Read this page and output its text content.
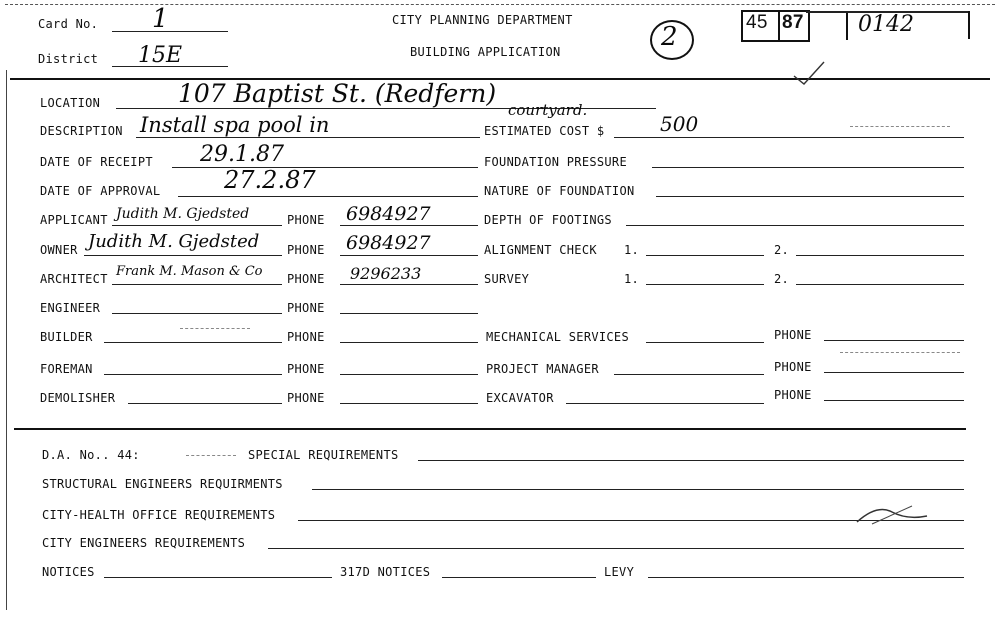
Card No. 1
District 15E
CITY PLANNING DEPARTMENT
BUILDING APPLICATION	2	45 87 0142
LOCATION	107 Baptist St. (Redfern)
DESCRIPTION Install spa pool in
courtyard.
ESTIMATED COST $	500
DATE OF RECEIPT 29.1.87	FOUNDATION PRESSURE
DATE OF APPROVAL	27.2.87	NATURE OF FOUNDATION
APPLICANT Judith M. Gjedsted	PHONE 6984927	DEPTH OF FOOTINGS
OWNER Judith M. Gjedsted PHONE 6984927	ALIGNMENT CHECK 1.	2.
ARCHITECT Frank M. Mason & Co PHONE 9296233	SURVEY	1.	2.
ENGINEER	PHONE
BUILDER	PHONE	MECHANICAL SERVICES	PHONE
FOREMAN	PHONE	PROJECT MANAGER	PHONE
DEMOLISHER	PHONE	EXCAVATOR	PHONE
D.A. No.. 44:	SPECIAL REQUIREMENTS
STRUCTURAL ENGINEERS REQUIRMENTS
CITY-HEALTH OFFICE REQUIREMENTS
CITY ENGINEERS REQUIREMENTS
NOTICES	317D NOTICES	LEVY
